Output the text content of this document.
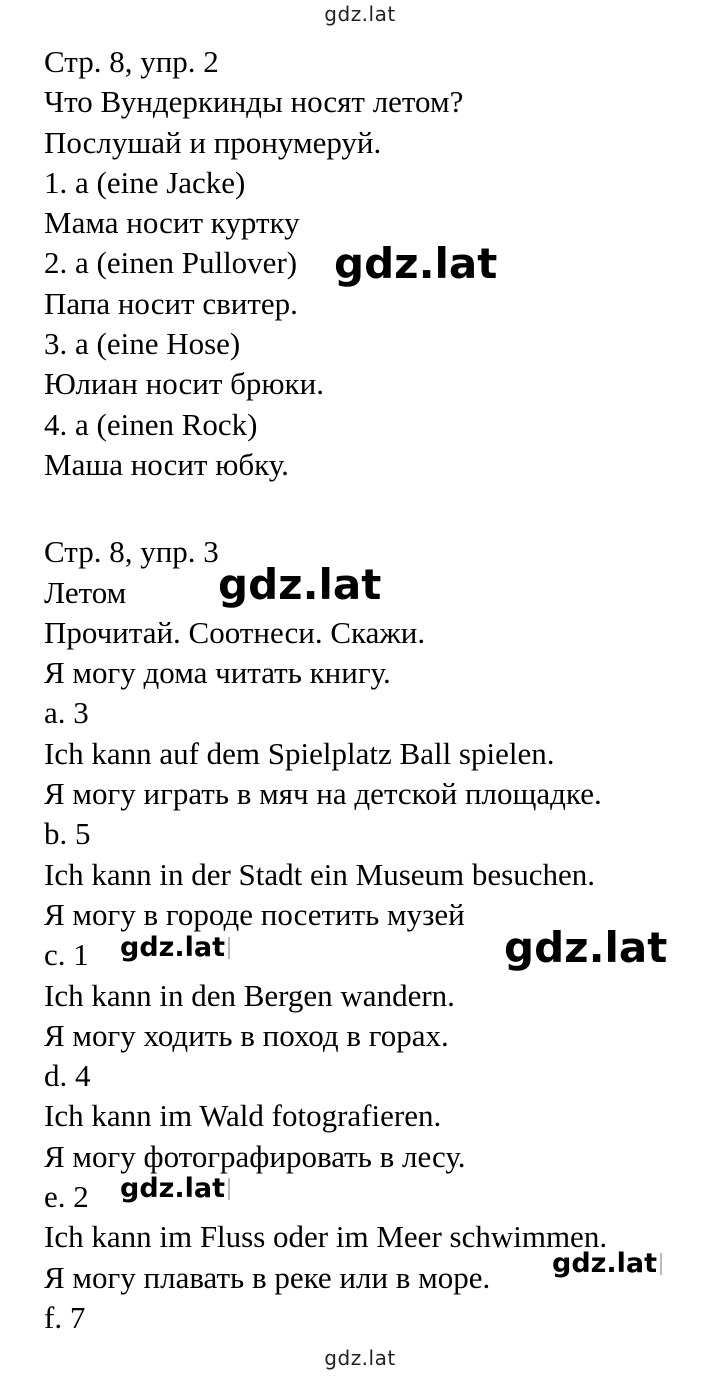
gdz.lat
Стр. 8, упр. 2
Что Вундеркинды носят летом?
Послушай и пронумеруй.
1. а (eine Jacke)
Мама носит куртку
2. а (einen Pullover)
Папа носит свитер.
3. а (eine Hose)
Юлиан носит брюки.
4. а (einen Rock)
Маша носит юбку.
Стр. 8, упр. 3
Летом
Прочитай. Соотнеси. Скажи.
Я могу дома читать книгу.
a. 3
Ich kann auf dem Spielplatz Ball spielen.
Я могу играть в мяч на детской площадке.
b. 5
Ich kann in der Stadt ein Museum besuchen.
Я могу в городе посетить музей
c. 1
Ich kann in den Bergen wandern.
Я могу ходить в поход в горах.
d. 4
Ich kann im Wald fotografieren.
Я могу фотографировать в лесу.
e. 2
Ich kann im Fluss oder im Meer schwimmen.
Я могу плавать в реке или в море.
f. 7
gdz.lat
gdz.lat
gdz.lat
gdz.lat
gdz.lat
gdz.lat
gdz.lat
